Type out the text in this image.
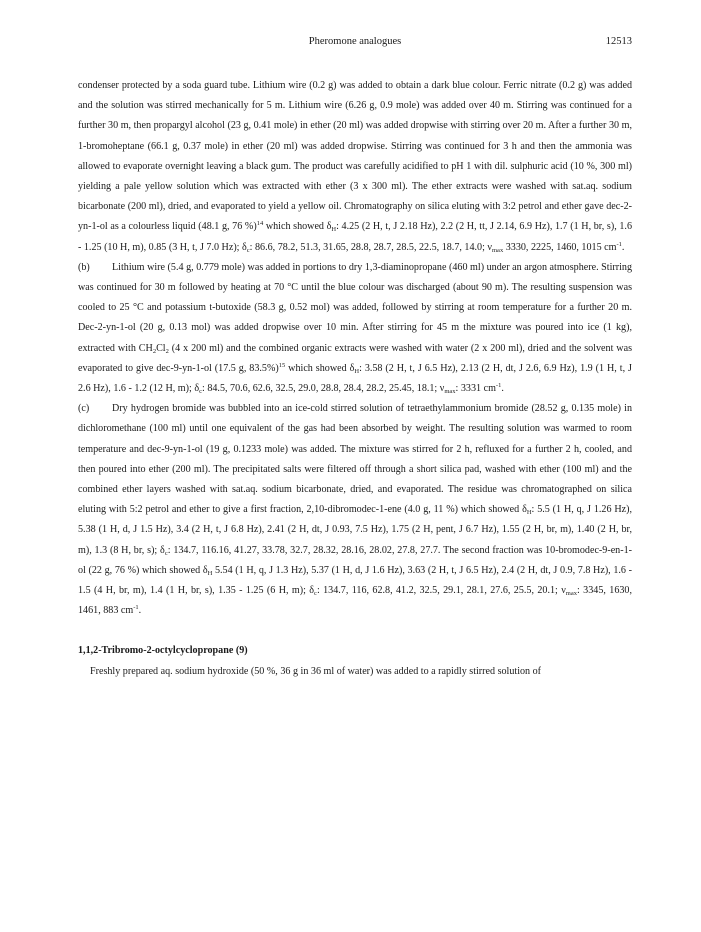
Pheromone analogues	12513

condenser protected by a soda guard tube. Lithium wire (0.2 g) was added to obtain a dark blue colour. Ferric nitrate (0.2 g) was added and the solution was stirred mechanically for 5 m. Lithium wire (6.26 g, 0.9 mole) was added over 40 m. Stirring was continued for a further 30 m, then propargyl alcohol (23 g, 0.41 mole) in ether (20 ml) was added dropwise with stirring over 20 m. After a further 30 m, 1-bromoheptane (66.1 g, 0.37 mole) in ether (20 ml) was added dropwise. Stirring was continued for 3 h and then the ammonia was allowed to evaporate overnight leaving a black gum. The product was carefully acidified to pH 1 with dil. sulphuric acid (10 %, 300 ml) yielding a pale yellow solution which was extracted with ether (3 x 300 ml). The ether extracts were washed with sat.aq. sodium bicarbonate (200 ml), dried, and evaporated to yield a yellow oil. Chromatography on silica eluting with 3:2 petrol and ether gave dec-2-yn-1-ol as a colourless liquid (48.1 g, 76 %)$^{14}$ which showed $\delta_H$: 4.25 (2 H, t, J 2.18 Hz), 2.2 (2 H, tt, J 2.14, 6.9 Hz), 1.7 (1 H, br, s), 1.6 - 1.25 (10 H, m), 0.85 (3 H, t, J 7.0 Hz); $\delta_c$: 86.6, 78.2, 51.3, 31.65, 28.8, 28.7, 28.5, 22.5, 18.7, 14.0; $\nu_{max}$ 3330, 2225, 1460, 1015 $cm^{-1}$.

(b) Lithium wire (5.4 g, 0.779 mole) was added in portions to dry 1,3-diaminopropane (460 ml) under an argon atmosphere. Stirring was continued for 30 m followed by heating at 70 °C until the blue colour was discharged (about 90 m). The resulting suspension was cooled to 25 °C and potassium t-butoxide (58.3 g, 0.52 mol) was added, followed by stirring at room temperature for a further 20 m. Dec-2-yn-1-ol (20 g, 0.13 mol) was added dropwise over 10 min. After stirring for 45 m the mixture was poured into ice (1 kg), extracted with $CH_2Cl_2$ (4 x 200 ml) and the combined organic extracts were washed with water (2 x 200 ml), dried and the solvent was evaporated to give dec-9-yn-1-ol (17.5 g, 83.5%)$^{15}$ which showed $\delta_H$: 3.58 (2 H, t, J 6.5 Hz), 2.13 (2 H, dt, J 2.6, 6.9 Hz), 1.9 (1 H, t, J 2.6 Hz), 1.6 - 1.2 (12 H, m); $\delta_c$: 84.5, 70.6, 62.6, 32.5, 29.0, 28.8, 28.4, 28.2, 25.45, 18.1; $\nu_{max}$: 3331 $cm^{-1}$.

(c) Dry hydrogen bromide was bubbled into an ice-cold stirred solution of tetraethylammonium bromide (28.52 g, 0.135 mole) in dichloromethane (100 ml) until one equivalent of the gas had been absorbed by weight. The resulting solution was warmed to room temperature and dec-9-yn-1-ol (19 g, 0.1233 mole) was added. The mixture was stirred for 2 h, refluxed for a further 2 h, cooled, and then poured into ether (200 ml). The precipitated salts were filtered off through a short silica pad, washed with ether (100 ml) and the combined ether layers washed with sat.aq. sodium bicarbonate, dried, and evaporated. The residue was chromatographed on silica eluting with 5:2 petrol and ether to give a first fraction, 2,10-dibromodec-1-ene (4.0 g, 11 %) which showed $\delta_H$: 5.5 (1 H, q, J 1.26 Hz), 5.38 (1 H, d, J 1.5 Hz), 3.4 (2 H, t, J 6.8 Hz), 2.41 (2 H, dt, J 0.93, 7.5 Hz), 1.75 (2 H, pent, J 6.7 Hz), 1.55 (2 H, br, m), 1.40 (2 H, br, m), 1.3 (8 H, br, s); $\delta_c$: 134.7, 116.16, 41.27, 33.78, 32.7, 28.32, 28.16, 28.02, 27.8, 27.7. The second fraction was 10-bromodec-9-en-1-ol (22 g, 76 %) which showed $\delta_H$ 5.54 (1 H, q, J 1.3 Hz), 5.37 (1 H, d, J 1.6 Hz), 3.63 (2 H, t, J 6.5 Hz), 2.4 (2 H, dt, J 0.9, 7.8 Hz), 1.6 - 1.5 (4 H, br, m), 1.4 (1 H, br, s), 1.35 - 1.25 (6 H, m); $\delta_c$: 134.7, 116, 62.8, 41.2, 32.5, 29.1, 28.1, 27.6, 25.5, 20.1; $\nu_{max}$: 3345, 1630, 1461, 883 $cm^{-1}$.

1,1,2-Tribromo-2-octylcyclopropane (9)

Freshly prepared aq. sodium hydroxide (50 %, 36 g in 36 ml of water) was added to a rapidly stirred solution of
